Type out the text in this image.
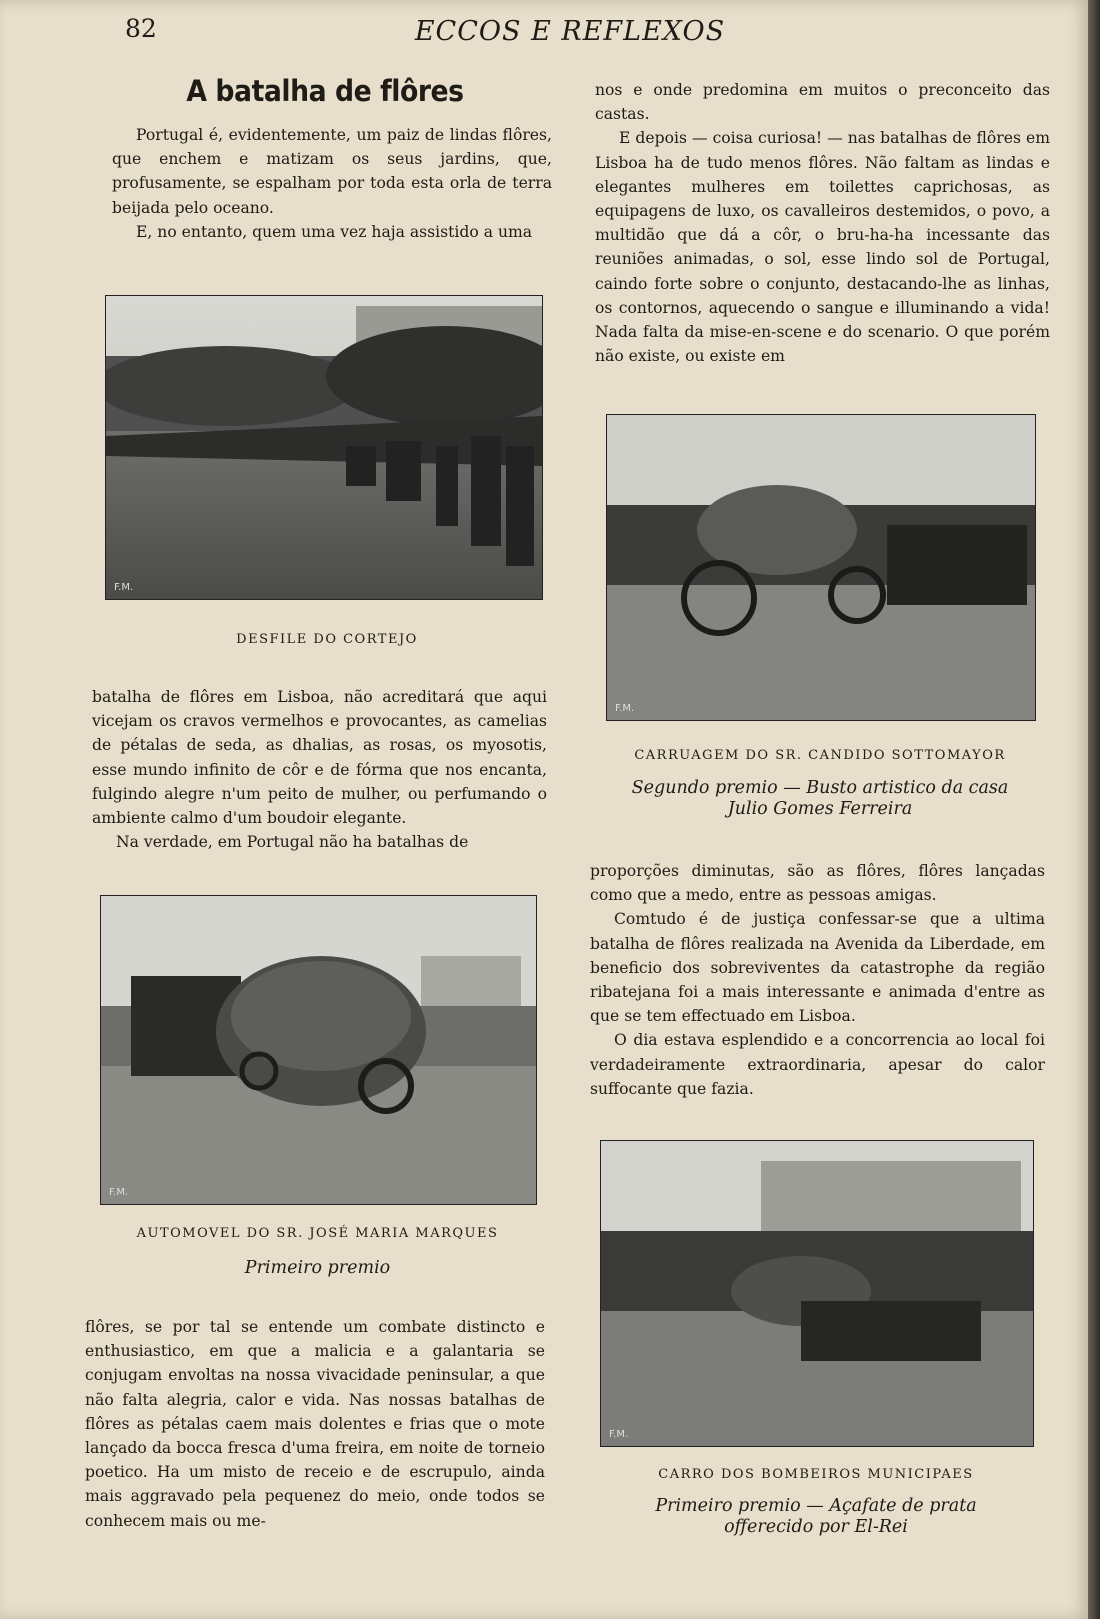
82	ECCOS E REFLEXOS
A batalha de flôres

Portugal é, evidentemente, um paiz de lindas flôres, que enchem e matizam os seus jardins, que, profusamente, se espalham por toda esta orla de terra beijada pelo oceano.

E, no entanto, quem uma vez haja assistido a uma

F.M.
DESFILE DO CORTEJO

batalha de flôres em Lisboa, não acreditará que aqui vicejam os cravos vermelhos e provocantes, as camelias de pétalas de seda, as dhalias, as rosas, os myosotis, esse mundo infinito de côr e de fórma que nos encanta, fulgindo alegre n'um peito de mulher, ou perfumando o ambiente calmo d'um boudoir elegante.

Na verdade, em Portugal não ha batalhas de

F.M.
AUTOMOVEL DO SR. JOSÉ MARIA MARQUES
Primeiro premio

flôres, se por tal se entende um combate distincto e enthusiastico, em que a malicia e a galantaria se conjugam envoltas na nossa vivacidade peninsular, a que não falta alegria, calor e vida. Nas nossas batalhas de flôres as pétalas caem mais dolentes e frias que o mote lançado da bocca fresca d'uma freira, em noite de torneio poetico. Ha um misto de receio e de escrupulo, ainda mais aggravado pela pequenez do meio, onde todos se conhecem mais ou me-

nos e onde predomina em muitos o preconceito das castas.

E depois — coisa curiosa! — nas batalhas de flôres em Lisboa ha de tudo menos flôres. Não faltam as lindas e elegantes mulheres em toilettes caprichosas, as equipagens de luxo, os cavalleiros destemidos, o povo, a multidão que dá a côr, o bru-ha-ha incessante das reuniões animadas, o sol, esse lindo sol de Portugal, caindo forte sobre o conjunto, destacando-lhe as linhas, os contornos, aquecendo o sangue e illuminando a vida! Nada falta da mise-en-scene e do scenario. O que porém não existe, ou existe em

F.M.
CARRUAGEM DO SR. CANDIDO SOTTOMAYOR
Segundo premio — Busto artistico da casa
Julio Gomes Ferreira

proporções diminutas, são as flôres, flôres lançadas como que a medo, entre as pessoas amigas.

Comtudo é de justiça confessar-se que a ultima batalha de flôres realizada na Avenida da Liberdade, em beneficio dos sobreviventes da catastrophe da região ribatejana foi a mais interessante e animada d'entre as que se tem effectuado em Lisboa.

O dia estava esplendido e a concorrencia ao local foi verdadeiramente extraordinaria, apesar do calor suffocante que fazia.

F.M.
CARRO DOS BOMBEIROS MUNICIPAES
Primeiro premio — Açafate de prata
offerecido por El-Rei
